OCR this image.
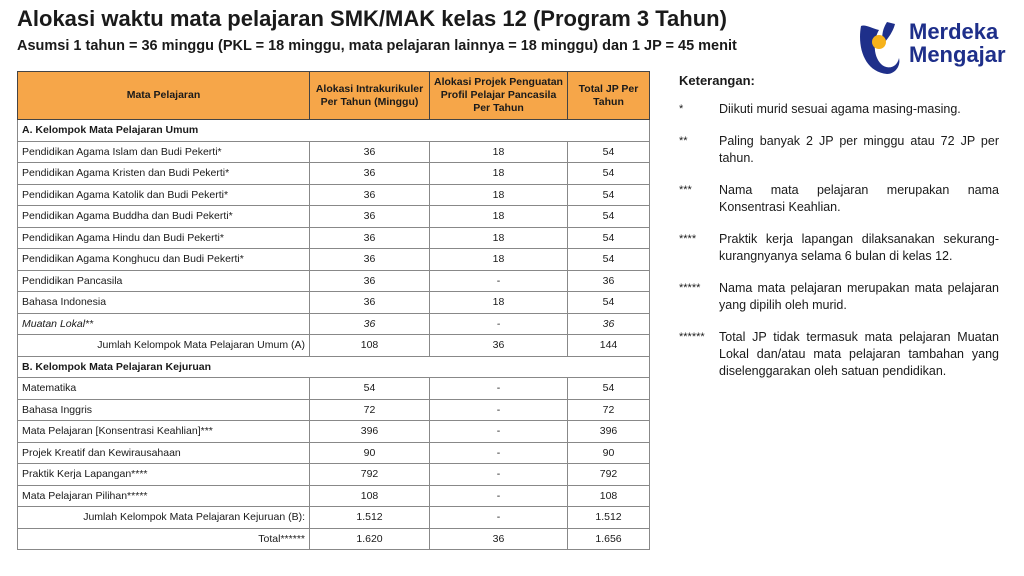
Alokasi waktu mata pelajaran SMK/MAK kelas 12 (Program 3 Tahun)
Asumsi 1 tahun = 36 minggu (PKL = 18 minggu, mata pelajaran lainnya = 18 minggu) dan 1 JP = 45 menit
Merdeka
Mengajar
Mata Pelajaran	Alokasi Intrakurikuler Per Tahun (Minggu)	Alokasi Projek Penguatan Profil Pelajar Pancasila Per Tahun	Total JP Per Tahun
A. Kelompok Mata Pelajaran Umum			
Pendidikan Agama Islam dan Budi Pekerti*	36	18	54
Pendidikan Agama Kristen dan Budi Pekerti*	36	18	54
Pendidikan Agama Katolik dan Budi Pekerti*	36	18	54
Pendidikan Agama Buddha dan Budi Pekerti*	36	18	54
Pendidikan Agama Hindu dan Budi Pekerti*	36	18	54
Pendidikan Agama Konghucu dan Budi Pekerti*	36	18	54
Pendidikan Pancasila	36	-	36
Bahasa Indonesia	36	18	54
Muatan Lokal**	36	-	36
Jumlah Kelompok Mata Pelajaran Umum (A)	108	36	144
B. Kelompok Mata Pelajaran Kejuruan			
Matematika	54	-	54
Bahasa Inggris	72	-	72
Mata Pelajaran [Konsentrasi Keahlian]***	396	-	396
Projek Kreatif dan Kewirausahaan	90	-	90
Praktik Kerja Lapangan****	792	-	792
Mata Pelajaran Pilihan*****	108	-	108
Jumlah Kelompok Mata Pelajaran Kejuruan (B):	1.512	-	1.512
Total******	1.620	36	1.656
Keterangan:
*	Diikuti murid sesuai agama masing-masing.
**	Paling banyak 2 JP per minggu atau 72 JP per tahun.
***	Nama mata pelajaran merupakan nama Konsentrasi Keahlian.
****	Praktik kerja lapangan dilaksanakan sekurang-kurangnyanya selama 6 bulan di kelas 12.
*****	Nama mata pelajaran merupakan mata pelajaran yang dipilih oleh murid.
******	Total JP tidak termasuk mata pelajaran Muatan Lokal dan/atau mata pelajaran tambahan yang diselenggarakan oleh satuan pendidikan.
